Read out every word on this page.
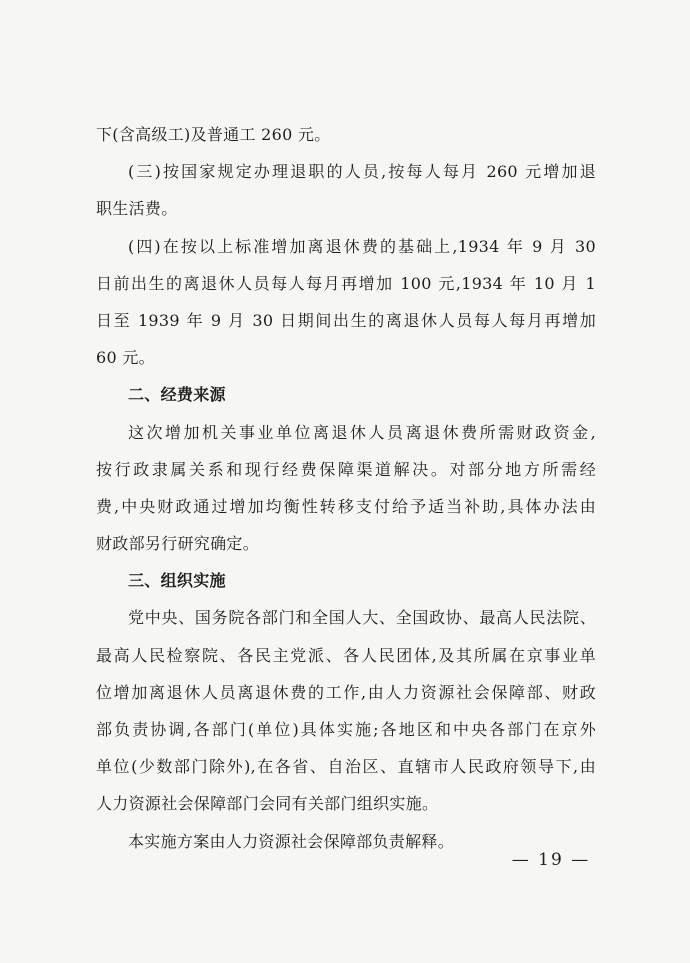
下(含高级工)及普通工 260 元。
(三)按国家规定办理退职的人员,按每人每月 260 元增加退
职生活费。
(四)在按以上标准增加离退休费的基础上,1934 年 9 月 30
日前出生的离退休人员每人每月再增加 100 元,1934 年 10 月 1
日至 1939 年 9 月 30 日期间出生的离退休人员每人每月再增加
60 元。
二、经费来源
这次增加机关事业单位离退休人员离退休费所需财政资金,
按行政隶属关系和现行经费保障渠道解决。对部分地方所需经
费,中央财政通过增加均衡性转移支付给予适当补助,具体办法由
财政部另行研究确定。
三、组织实施
党中央、国务院各部门和全国人大、全国政协、最高人民法院、
最高人民检察院、各民主党派、各人民团体,及其所属在京事业单
位增加离退休人员离退休费的工作,由人力资源社会保障部、财政
部负责协调,各部门(单位)具体实施;各地区和中央各部门在京外
单位(少数部门除外),在各省、自治区、直辖市人民政府领导下,由
人力资源社会保障部门会同有关部门组织实施。
本实施方案由人力资源社会保障部负责解释。
— 19 —
